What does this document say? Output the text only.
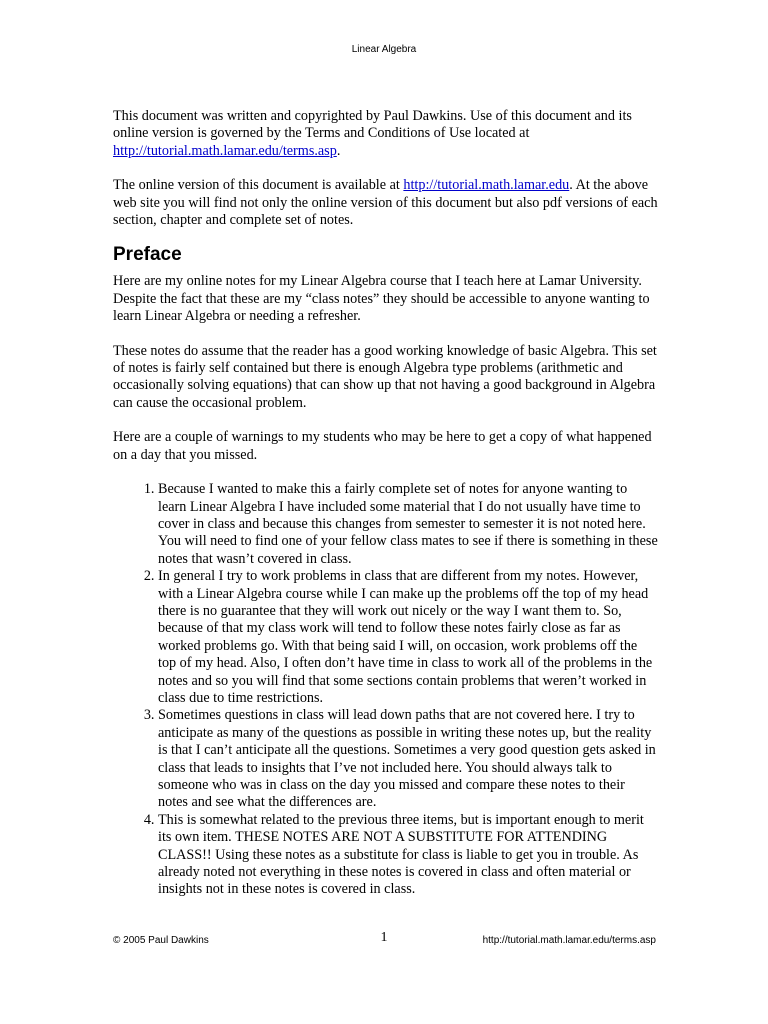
Linear Algebra

This document was written and copyrighted by Paul Dawkins. Use of this document and its online version is governed by the Terms and Conditions of Use located at http://tutorial.math.lamar.edu/terms.asp.

The online version of this document is available at http://tutorial.math.lamar.edu. At the above web site you will find not only the online version of this document but also pdf versions of each section, chapter and complete set of notes.

Preface

Here are my online notes for my Linear Algebra course that I teach here at Lamar University. Despite the fact that these are my “class notes” they should be accessible to anyone wanting to learn Linear Algebra or needing a refresher.

These notes do assume that the reader has a good working knowledge of basic Algebra. This set of notes is fairly self contained but there is enough Algebra type problems (arithmetic and occasionally solving equations) that can show up that not having a good background in Algebra can cause the occasional problem.

Here are a couple of warnings to my students who may be here to get a copy of what happened on a day that you missed.

1. Because I wanted to make this a fairly complete set of notes for anyone wanting to learn Linear Algebra I have included some material that I do not usually have time to cover in class and because this changes from semester to semester it is not noted here. You will need to find one of your fellow class mates to see if there is something in these notes that wasn’t covered in class.
2. In general I try to work problems in class that are different from my notes. However, with a Linear Algebra course while I can make up the problems off the top of my head there is no guarantee that they will work out nicely or the way I want them to. So, because of that my class work will tend to follow these notes fairly close as far as worked problems go. With that being said I will, on occasion, work problems off the top of my head. Also, I often don’t have time in class to work all of the problems in the notes and so you will find that some sections contain problems that weren’t worked in class due to time restrictions.
3. Sometimes questions in class will lead down paths that are not covered here. I try to anticipate as many of the questions as possible in writing these notes up, but the reality is that I can’t anticipate all the questions. Sometimes a very good question gets asked in class that leads to insights that I’ve not included here. You should always talk to someone who was in class on the day you missed and compare these notes to their notes and see what the differences are.
4. This is somewhat related to the previous three items, but is important enough to merit its own item. THESE NOTES ARE NOT A SUBSTITUTE FOR ATTENDING CLASS!! Using these notes as a substitute for class is liable to get you in trouble. As already noted not everything in these notes is covered in class and often material or insights not in these notes is covered in class.
© 2005 Paul Dawkins	1	http://tutorial.math.lamar.edu/terms.asp
